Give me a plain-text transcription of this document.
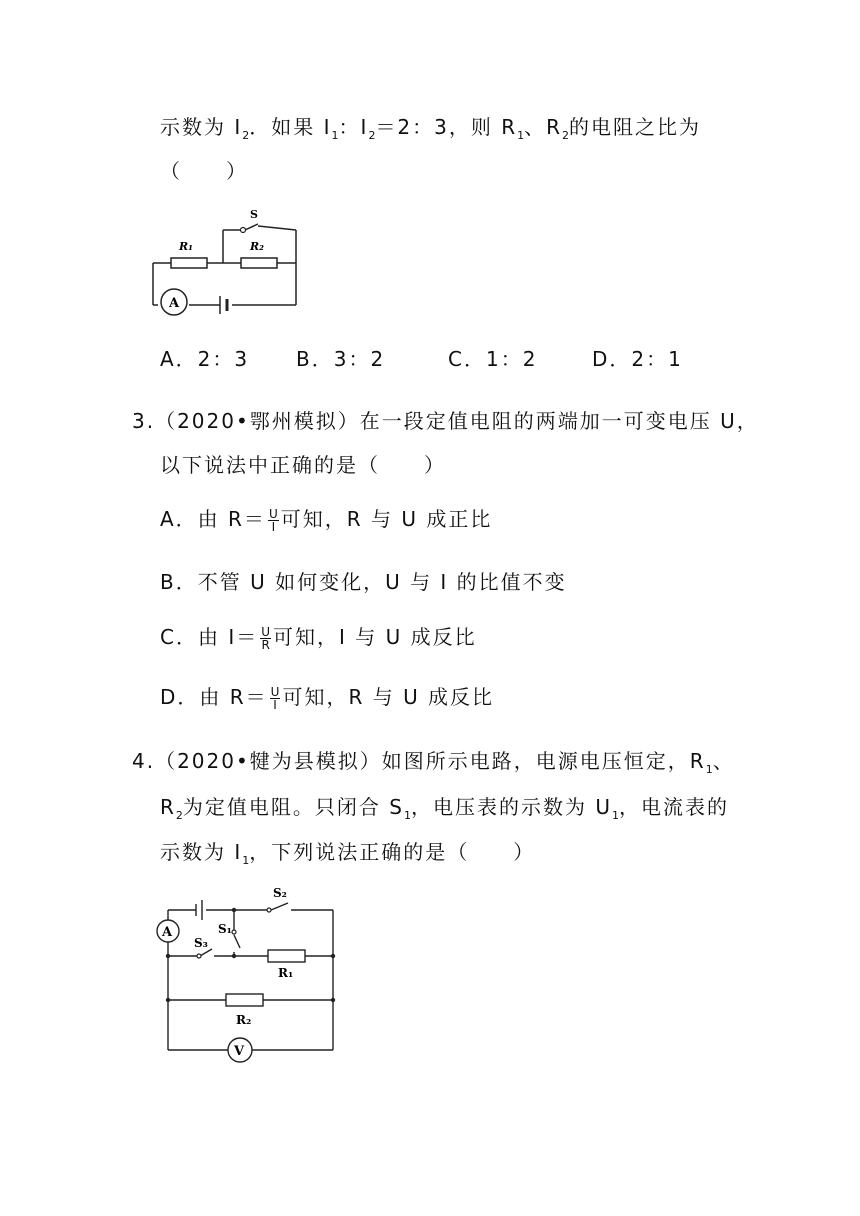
示数为 $I_2$．如果 $I_1$：$I_2=2$：3，则 $R_1$、$R_2$的电阻之比为
（　　）
S
R₁	R₂
A
A．2：3 B．3：2	C．1：2	D．2：1
3.（2020•鄂州模拟）在一段定值电阻的两端加一可变电压 U，
以下说法中正确的是（　　）
A．由 $R= \frac{U}{I}$ 可知，R 与 U 成正比
B．不管 U 如何变化，U 与 I 的比值不变
C．由 $I= \frac{U}{R}$ 可知，I 与 U 成反比
D．由 $R= \frac{U}{I}$ 可知，R 与 U 成反比
4.（2020•犍为县模拟）如图所示电路，电源电压恒定，$R_1$、
$R_2$为定值电阻。只闭合 $S_1$，电压表的示数为 $U_1$，电流表的
示数为 $I_1$，下列说法正确的是（　　）
A
V
S₂
S₁
S₃
R₁
R₂
